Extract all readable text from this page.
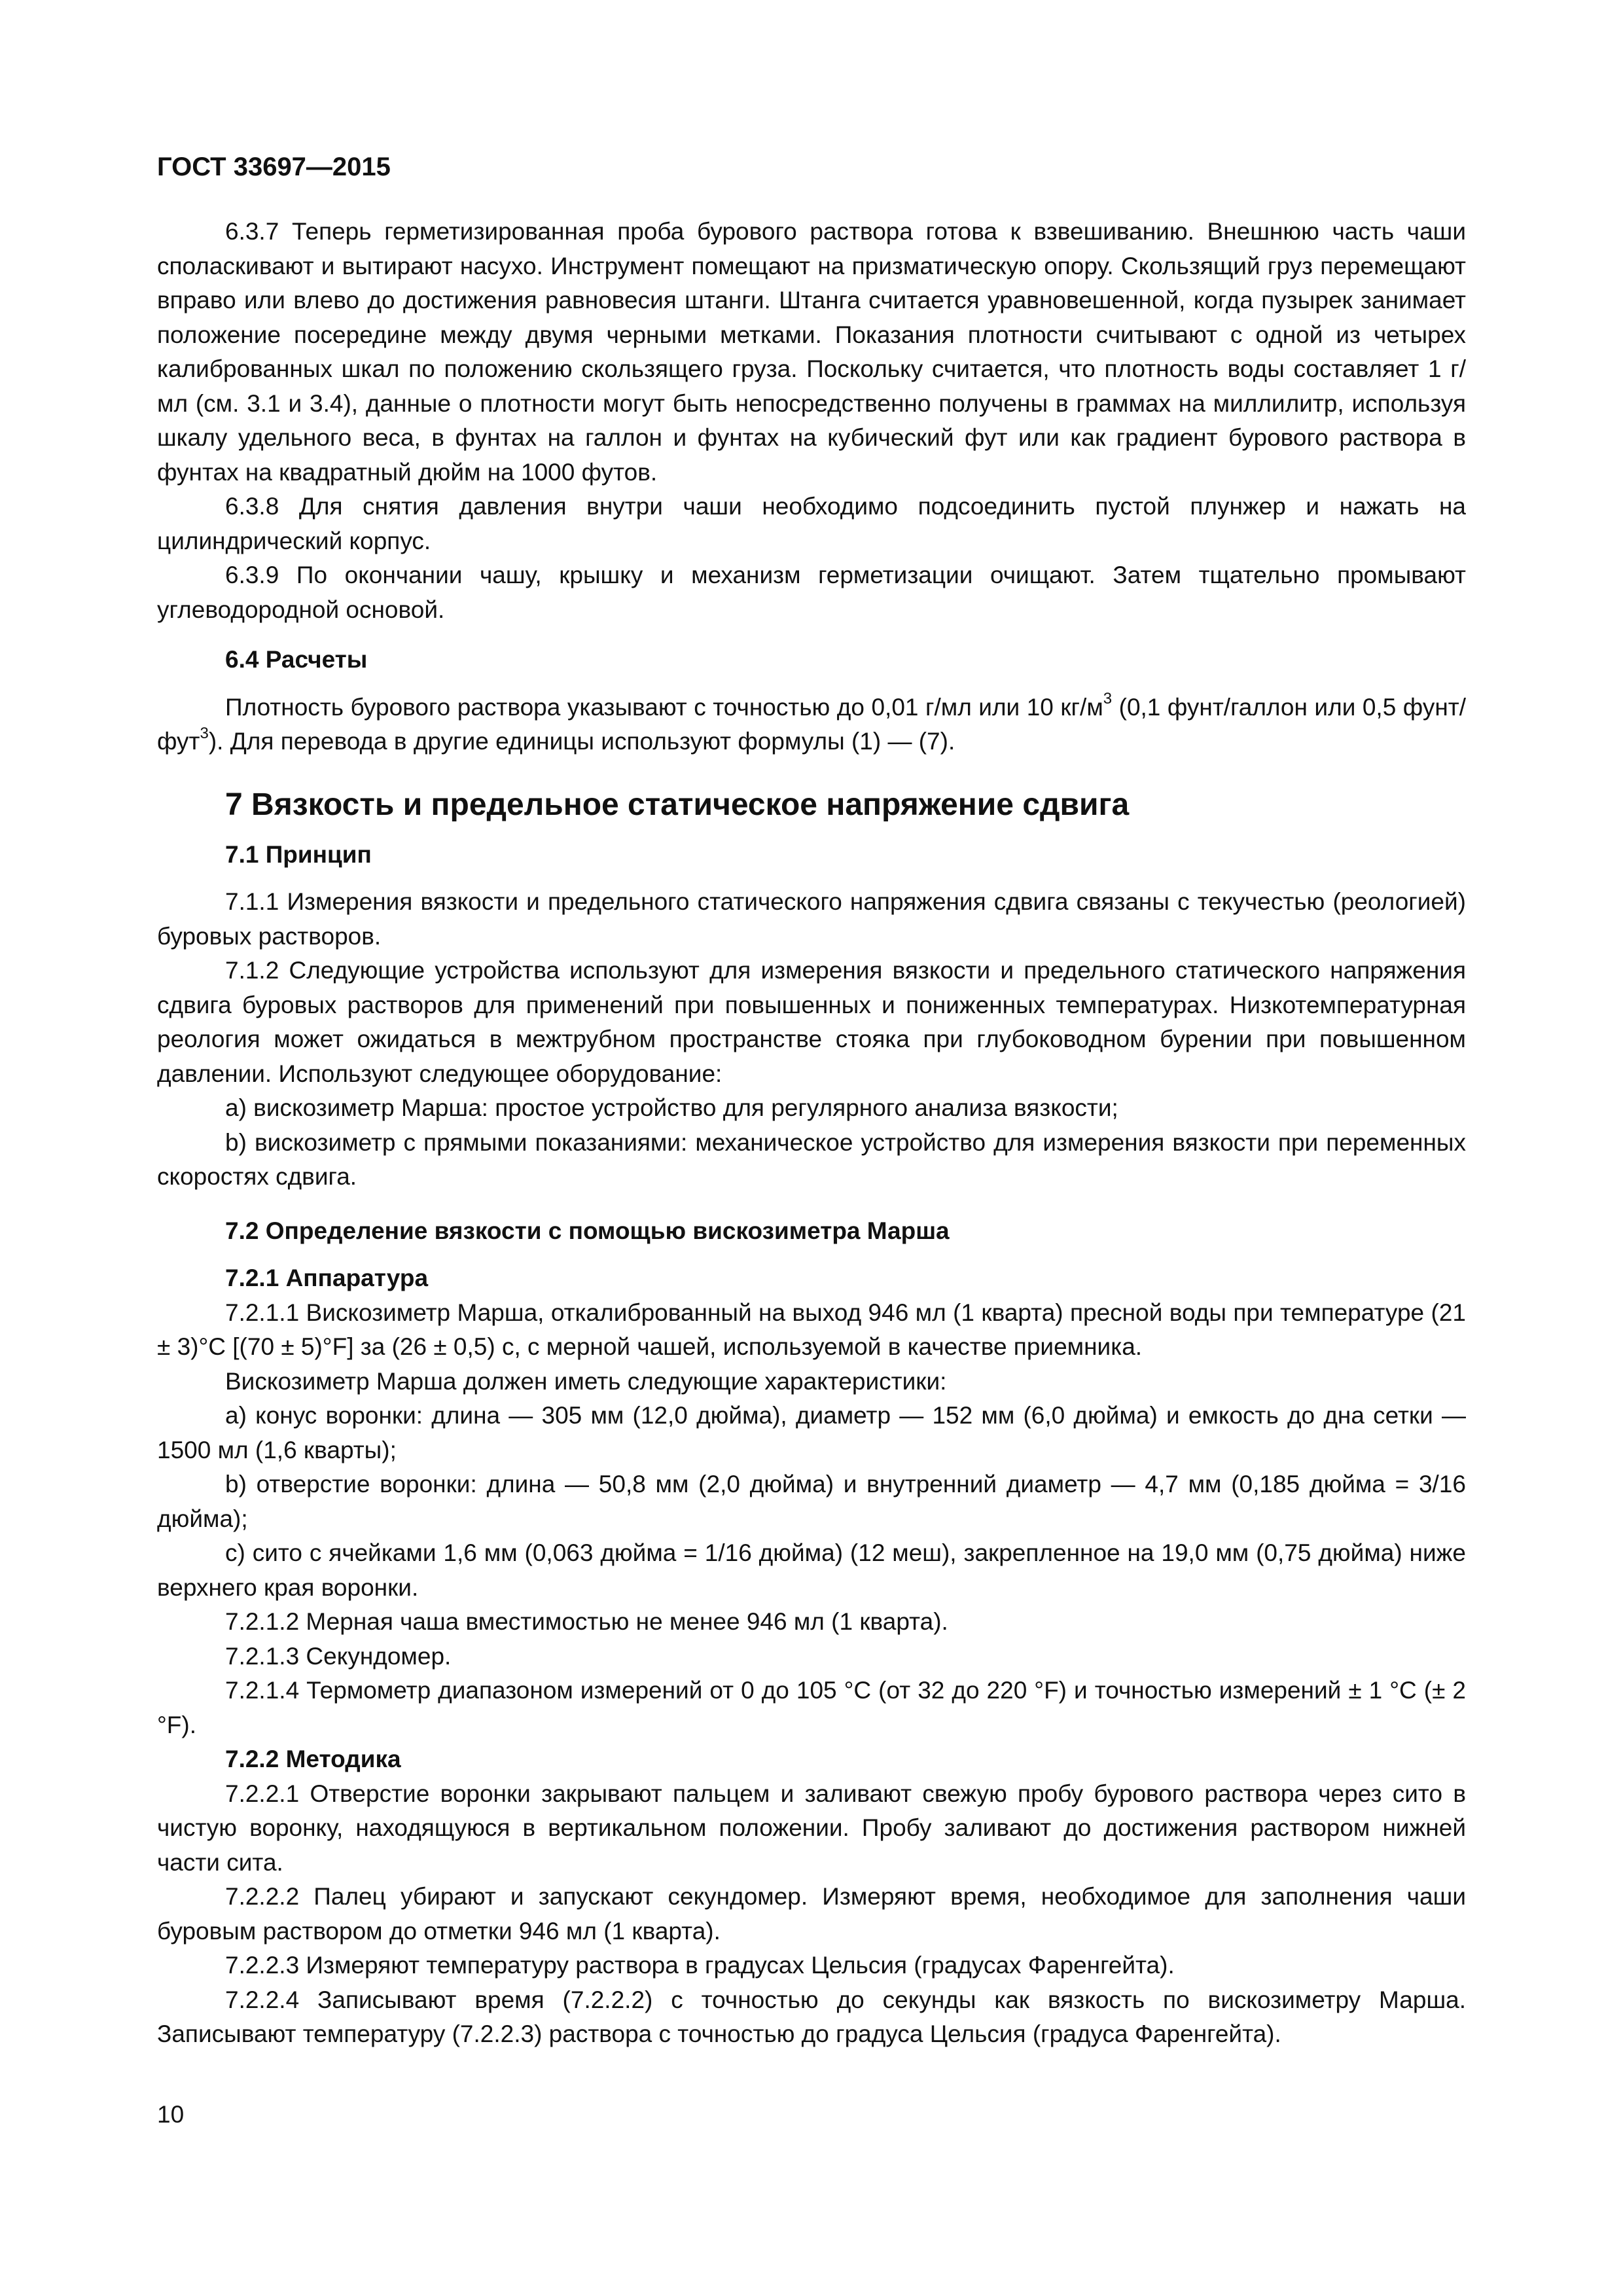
ГОСТ 33697—2015

6.3.7 Теперь герметизированная проба бурового раствора готова к взвешиванию. Внешнюю часть чаши споласкивают и вытирают насухо. Инструмент помещают на призматическую опору. Скользящий груз перемещают вправо или влево до достижения равновесия штанги. Штанга считается уравновешенной, когда пузырек занимает положение посередине между двумя черными метками. Показания плотности считывают с одной из четырех калиброванных шкал по положению скользящего груза. Поскольку считается, что плотность воды составляет 1 г/мл (см. 3.1 и 3.4), данные о плотности могут быть непосредственно получены в граммах на миллилитр, используя шкалу удельного веса, в фунтах на галлон и фунтах на кубический фут или как градиент бурового раствора в фунтах на квадратный дюйм на 1000 футов.

6.3.8 Для снятия давления внутри чаши необходимо подсоединить пустой плунжер и нажать на цилиндрический корпус.

6.3.9 По окончании чашу, крышку и механизм герметизации очищают. Затем тщательно промывают углеводородной основой.

6.4 Расчеты

Плотность бурового раствора указывают с точностью до 0,01 г/мл или 10 $кг/м^3$ (0,1 фунт/галлон или 0,5 фунт/фут$^3$). Для перевода в другие единицы используют формулы (1) — (7).

7 Вязкость и предельное статическое напряжение сдвига
7.1 Принцип

7.1.1 Измерения вязкости и предельного статического напряжения сдвига связаны с текучестью (реологией) буровых растворов.

7.1.2 Следующие устройства используют для измерения вязкости и предельного статического напряжения сдвига буровых растворов для применений при повышенных и пониженных температурах. Низкотемпературная реология может ожидаться в межтрубном пространстве стояка при глубоководном бурении при повышенном давлении. Используют следующее оборудование:

a) вискозиметр Марша: простое устройство для регулярного анализа вязкости;

b) вискозиметр с прямыми показаниями: механическое устройство для измерения вязкости при переменных скоростях сдвига.

7.2 Определение вязкости с помощью вискозиметра Марша
7.2.1 Аппаратура

7.2.1.1 Вискозиметр Марша, откалиброванный на выход 946 мл (1 кварта) пресной воды при температуре (21 ± 3)°C [(70 ± 5)°F] за (26 ± 0,5) с, с мерной чашей, используемой в качестве приемника.

Вискозиметр Марша должен иметь следующие характеристики:

a) конус воронки: длина — 305 мм (12,0 дюйма), диаметр — 152 мм (6,0 дюйма) и емкость до дна сетки — 1500 мл (1,6 кварты);

b) отверстие воронки: длина — 50,8 мм (2,0 дюйма) и внутренний диаметр — 4,7 мм (0,185 дюйма = 3/16 дюйма);

c) сито с ячейками 1,6 мм (0,063 дюйма = 1/16 дюйма) (12 меш), закрепленное на 19,0 мм (0,75 дюйма) ниже верхнего края воронки.

7.2.1.2 Мерная чаша вместимостью не менее 946 мл (1 кварта).

7.2.1.3 Секундомер.

7.2.1.4 Термометр диапазоном измерений от 0 до 105 °C (от 32 до 220 °F) и точностью измерений ± 1 °C (± 2 °F).

7.2.2 Методика

7.2.2.1 Отверстие воронки закрывают пальцем и заливают свежую пробу бурового раствора через сито в чистую воронку, находящуюся в вертикальном положении. Пробу заливают до достижения раствором нижней части сита.

7.2.2.2 Палец убирают и запускают секундомер. Измеряют время, необходимое для заполнения чаши буровым раствором до отметки 946 мл (1 кварта).

7.2.2.3 Измеряют температуру раствора в градусах Цельсия (градусах Фаренгейта).

7.2.2.4 Записывают время (7.2.2.2) с точностью до секунды как вязкость по вискозиметру Марша. Записывают температуру (7.2.2.3) раствора с точностью до градуса Цельсия (градуса Фаренгейта).

10
